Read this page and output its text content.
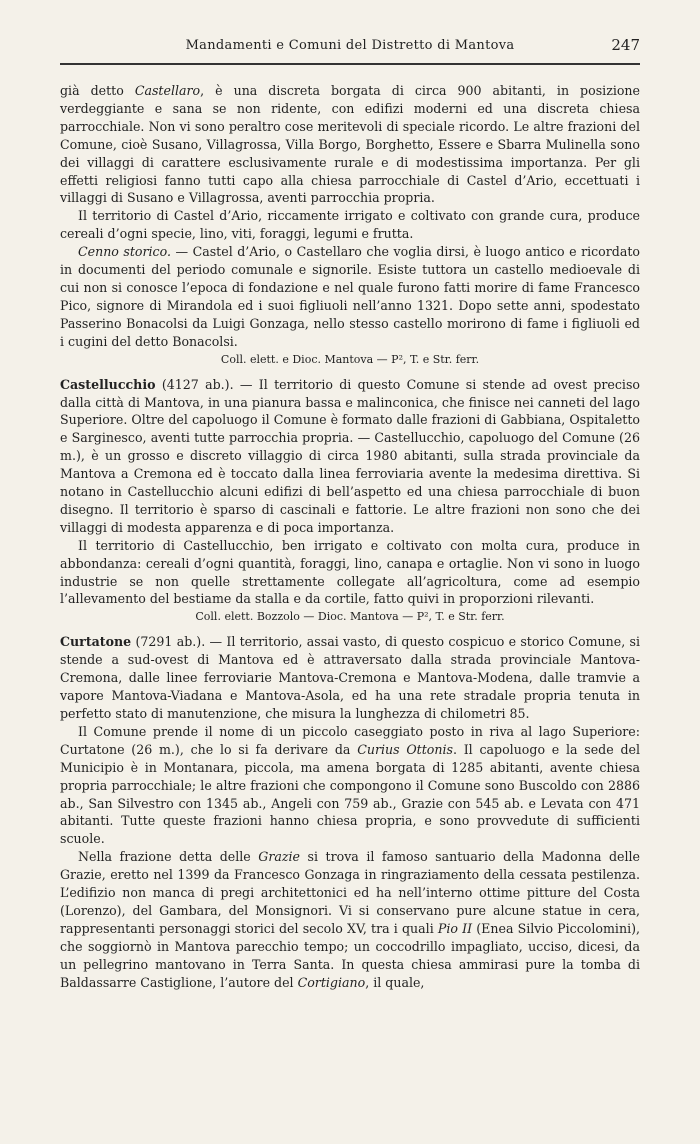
Mandamenti e Comuni del Distretto di Mantova	247

già detto Castellaro, è una discreta borgata di circa 900 abitanti, in posizione verdeggiante e sana se non ridente, con edifizi moderni ed una discreta chiesa parrocchiale. Non vi sono peraltro cose meritevoli di speciale ricordo. Le altre frazioni del Comune, cioè Susano, Villagrossa, Villa Borgo, Borghetto, Essere e Sbarra Mulinella sono dei villaggi di carattere esclusivamente rurale e di modestissima importanza. Per gli effetti religiosi fanno tutti capo alla chiesa parrocchiale di Castel d’Ario, eccettuati i villaggi di Susano e Villagrossa, aventi parrocchia propria.

Il territorio di Castel d’Ario, riccamente irrigato e coltivato con grande cura, produce cereali d’ogni specie, lino, viti, foraggi, legumi e frutta.

Cenno storico. — Castel d’Ario, o Castellaro che voglia dirsi, è luogo antico e ricordato in documenti del periodo comunale e signorile. Esiste tuttora un castello medioevale di cui non si conosce l’epoca di fondazione e nel quale furono fatti morire di fame Francesco Pico, signore di Mirandola ed i suoi figliuoli nell’anno 1321. Dopo sette anni, spodestato Passerino Bonacolsi da Luigi Gonzaga, nello stesso castello morirono di fame i figliuoli ed i cugini del detto Bonacolsi.

Coll. elett. e Dioc. Mantova — P², T. e Str. ferr.

Castellucchio (4127 ab.). — Il territorio di questo Comune si stende ad ovest preciso dalla città di Mantova, in una pianura bassa e malinconica, che finisce nei canneti del lago Superiore. Oltre del capoluogo il Comune è formato dalle frazioni di Gabbiana, Ospitaletto e Sarginesco, aventi tutte parrocchia propria. — Castellucchio, capoluogo del Comune (26 m.), è un grosso e discreto villaggio di circa 1980 abitanti, sulla strada provinciale da Mantova a Cremona ed è toccato dalla linea ferroviaria avente la medesima direttiva. Si notano in Castellucchio alcuni edifizi di bell’aspetto ed una chiesa parrocchiale di buon disegno. Il territorio è sparso di cascinali e fattorie. Le altre frazioni non sono che dei villaggi di modesta apparenza e di poca importanza.

Il territorio di Castellucchio, ben irrigato e coltivato con molta cura, produce in abbondanza: cereali d’ogni quantità, foraggi, lino, canapa e ortaglie. Non vi sono in luogo industrie se non quelle strettamente collegate all’agricoltura, come ad esempio l’allevamento del bestiame da stalla e da cortile, fatto quivi in proporzioni rilevanti.

Coll. elett. Bozzolo — Dioc. Mantova — P², T. e Str. ferr.

Curtatone (7291 ab.). — Il territorio, assai vasto, di questo cospicuo e storico Comune, si stende a sud-ovest di Mantova ed è attraversato dalla strada provinciale Mantova-Cremona, dalle linee ferroviarie Mantova-Cremona e Mantova-Modena, dalle tramvie a vapore Mantova-Viadana e Mantova-Asola, ed ha una rete stradale propria tenuta in perfetto stato di manutenzione, che misura la lunghezza di chilometri 85.

Il Comune prende il nome di un piccolo caseggiato posto in riva al lago Superiore: Curtatone (26 m.), che lo si fa derivare da Curius Ottonis. Il capoluogo e la sede del Municipio è in Montanara, piccola, ma amena borgata di 1285 abitanti, avente chiesa propria parrocchiale; le altre frazioni che compongono il Comune sono Buscoldo con 2886 ab., San Silvestro con 1345 ab., Angeli con 759 ab., Grazie con 545 ab. e Levata con 471 abitanti. Tutte queste frazioni hanno chiesa propria, e sono provvedute di sufficienti scuole.

Nella frazione detta delle Grazie si trova il famoso santuario della Madonna delle Grazie, eretto nel 1399 da Francesco Gonzaga in ringraziamento della cessata pestilenza. L’edifizio non manca di pregi architettonici ed ha nell’interno ottime pitture del Costa (Lorenzo), del Gambara, del Monsignori. Vi si conservano pure alcune statue in cera, rappresentanti personaggi storici del secolo XV, tra i quali Pio II (Enea Silvio Piccolomini), che soggiornò in Mantova parecchio tempo; un coccodrillo impagliato, ucciso, dicesi, da un pellegrino mantovano in Terra Santa. In questa chiesa ammirasi pure la tomba di Baldassarre Castiglione, l’autore del Cortigiano, il quale,
